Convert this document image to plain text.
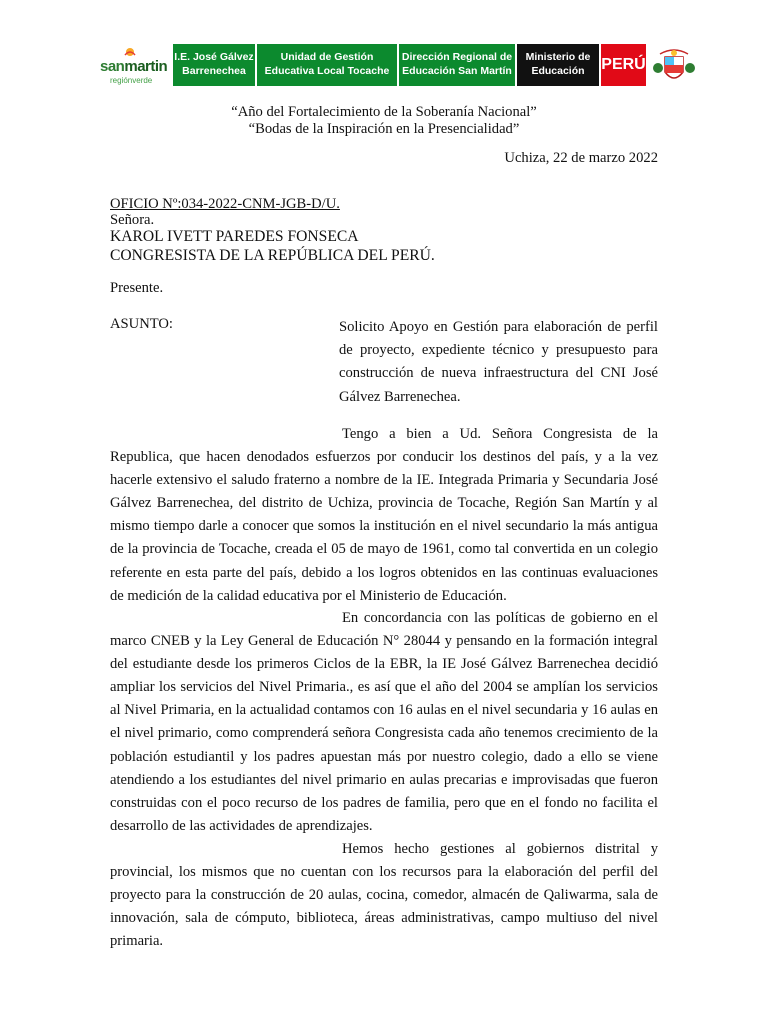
sanmartin
regiónverde
I.E. José Gálvez
Barrenechea
Unidad de Gestión
Educativa Local Tocache
Dirección Regional de
Educación San Martín
Ministerio de
Educación	PERÚ
“Año del Fortalecimiento de la Soberanía Nacional”
“Bodas de la Inspiración en la Presencialidad”
Uchiza, 22 de marzo 2022
OFICIO Nº:034-2022-CNM-JGB-D/U.
Señora.
KAROL IVETT PAREDES FONSECA
CONGRESISTA DE LA REPÚBLICA DEL PERÚ.
Presente.
ASUNTO:	Solicito Apoyo en Gestión para elaboración de perfil de proyecto, expediente técnico y presupuesto para construcción de nueva infraestructura del CNI José Gálvez Barrenechea.
Tengo a bien a Ud. Señora Congresista de la Republica, que hacen denodados esfuerzos por conducir los destinos del país, y a la vez hacerle extensivo el saludo fraterno a nombre de la IE. Integrada Primaria y Secundaria José Gálvez Barrenechea, del distrito de Uchiza, provincia de Tocache, Región San Martín y al mismo tiempo darle a conocer que somos la institución en el nivel secundario la más antigua de la provincia de Tocache, creada el 05 de mayo de 1961, como tal convertida en un colegio referente en esta parte del país, debido a los logros obtenidos en las continuas evaluaciones de medición de la calidad educativa por el Ministerio de Educación.
En concordancia con las políticas de gobierno en el marco CNEB y la Ley General de Educación N° 28044 y pensando en la formación integral del estudiante desde los primeros Ciclos de la EBR, la IE José Gálvez Barrenechea decidió ampliar los servicios del Nivel Primaria., es así que el año del 2004 se amplían los servicios al Nivel Primaria, en la actualidad contamos con 16 aulas en el nivel secundaria y 16 aulas en el nivel primario, como comprenderá señora Congresista cada año tenemos crecimiento de la población estudiantil y los padres apuestan más por nuestro colegio, dado a ello se viene atendiendo a los estudiantes del nivel primario en aulas precarias e improvisadas que fueron construidas con el poco recurso de los padres de familia, pero que en el fondo no facilita el desarrollo de las actividades de aprendizajes.
Hemos hecho gestiones al gobiernos distrital y provincial, los mismos que no cuentan con los recursos para la elaboración del perfil del proyecto para la construcción de 20 aulas, cocina, comedor, almacén de Qaliwarma, sala de innovación, sala de cómputo, biblioteca, áreas administrativas, campo multiuso del nivel primaria.
